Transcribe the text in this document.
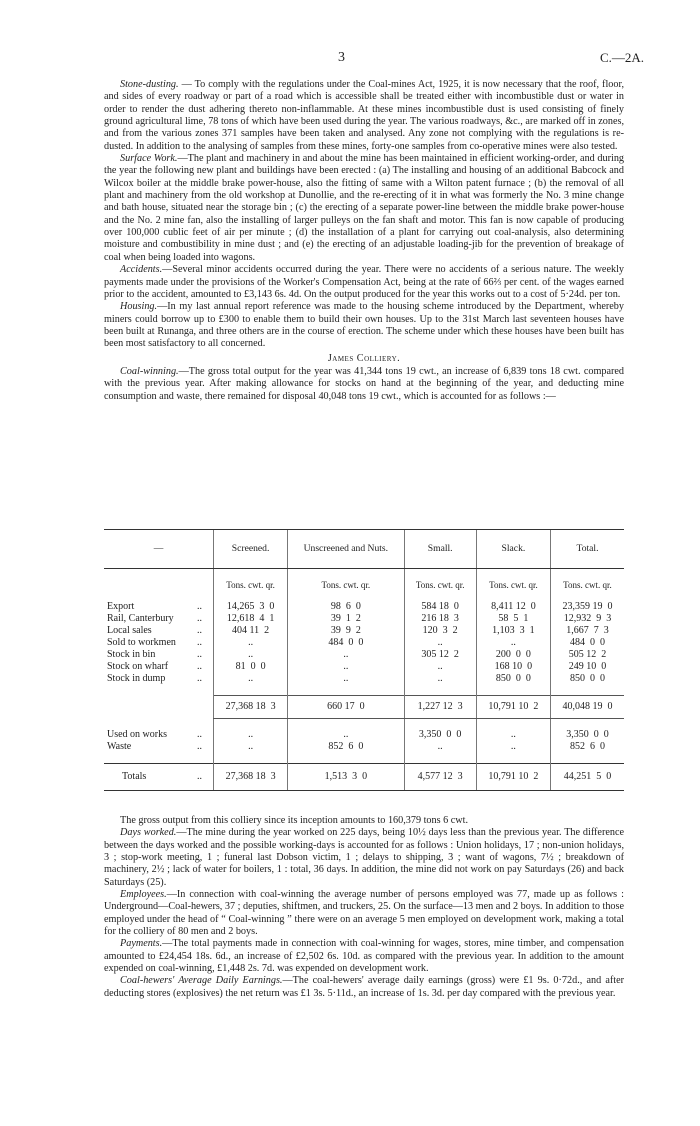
3	C.—2A.

Stone-dusting. — To comply with the regulations under the Coal-mines Act, 1925, it is now necessary that the roof, floor, and sides of every roadway or part of a road which is accessible shall be treated either with incombustible dust or water in order to render the dust adhering thereto non-inflammable. At these mines incombustible dust is used consisting of finely ground agricultural lime, 78 tons of which have been used during the year. The various roadways, &c., are marked off in zones, and from the various zones 371 samples have been taken and analysed. Any zone not complying with the regulations is re-dusted. In addition to the analysing of samples from these mines, forty-one samples from co-operative mines were also tested.

Surface Work.—The plant and machinery in and about the mine has been maintained in efficient working-order, and during the year the following new plant and buildings have been erected : (a) The installing and housing of an additional Babcock and Wilcox boiler at the middle brake power-house, also the fitting of same with a Wilton patent furnace ; (b) the removal of all plant and machinery from the old workshop at Dunollie, and the re-erecting of it in what was formerly the No. 3 mine change and bath house, situated near the storage bin ; (c) the erecting of a separate power-line between the middle brake power-house and the No. 2 mine fan, also the installing of larger pulleys on the fan shaft and motor. This fan is now capable of producing over 100,000 cublic feet of air per minute ; (d) the installation of a plant for carrying out coal-analysis, also determining moisture and combustibility in mine dust ; and (e) the erecting of an adjustable loading-jib for the prevention of breakage of coal when being loaded into wagons.

Accidents.—Several minor accidents occurred during the year. There were no accidents of a serious nature. The weekly payments made under the provisions of the Worker's Compensation Act, being at the rate of 66⅔ per cent. of the wages earned prior to the accident, amounted to £3,143 6s. 4d. On the output produced for the year this works out to a cost of 5·24d. per ton.

Housing.—In my last annual report reference was made to the housing scheme introduced by the Department, whereby miners could borrow up to £300 to enable them to build their own houses. Up to the 31st March last seventeen houses have been built at Runanga, and three others are in the course of erection. The scheme under which these houses have been built has been most satisfactory to all concerned.

James Colliery.

Coal-winning.—The gross total output for the year was 41,344 tons 19 cwt., an increase of 6,839 tons 18 cwt. compared with the previous year. After making allowance for stocks on hand at the beginning of the year, and deducting mine consumption and waste, there remained for disposal 40,048 tons 19 cwt., which is accounted for as follows :—

—	Screened.	Unscreened and Nuts.	Small.	Slack.	Total.
	Tons. cwt. qr.	Tons. cwt. qr.	Tons. cwt. qr.	Tons. cwt. qr.	Tons. cwt. qr.

Export ..	14,265  3  0	98  6  0	584 18  0	8,411 12  0	23,359 19  0
Rail, Canterbury ..	12,618  4  1	39  1  2	216 18  3	58  5  1	12,932  9  3
Local sales ..	404 11  2	39  9  2	120  3  2	1,103  3  1	1,667  7  3
Sold to workmen ..	..	484  0  0	..	..	484  0  0
Stock in bin ..	..	..	305 12  2	200  0  0	505 12  2
Stock on wharf ..	81  0  0	..	..	168 10  0	249 10  0
Stock in dump ..	..	..	..	850  0  0	850  0  0

	27,368 18  3	660 17  0	1,227 12  3	10,791 10  2	40,048 19  0

Used on works ..	..	..	3,350  0  0	..	3,350  0  0
Waste ..	..	852  6  0	..	..	852  6  0

Totals ..	27,368 18  3	1,513  3  0	4,577 12  3	10,791 10  2	44,251  5  0

The gross output from this colliery since its inception amounts to 160,379 tons 6 cwt.

Days worked.—The mine during the year worked on 225 days, being 10½ days less than the previous year. The difference between the days worked and the possible working-days is accounted for as follows : Union holidays, 17 ; non-union holidays, 3 ; stop-work meeting, 1 ; funeral last Dobson victim, 1 ; delays to shipping, 3 ; want of wagons, 7½ ; breakdown of machinery, 2½ ; lack of water for boilers, 1 : total, 36 days. In addition, the mine did not work on pay Saturdays (26) and back Saturdays (25).

Employees.—In connection with coal-winning the average number of persons employed was 77, made up as follows : Underground—Coal-hewers, 37 ; deputies, shiftmen, and truckers, 25. On the surface—13 men and 2 boys. In addition to those employed under the head of “ Coal-winning ” there were on an average 5 men employed on development work, making a total for the colliery of 80 men and 2 boys.

Payments.—The total payments made in connection with coal-winning for wages, stores, mine timber, and compensation amounted to £24,454 18s. 6d., an increase of £2,502 6s. 10d. as compared with the previous year. In addition to the amount expended on coal-winning, £1,448 2s. 7d. was expended on development work.

Coal-hewers' Average Daily Earnings.—The coal-hewers' average daily earnings (gross) were £1 9s. 0·72d., and after deducting stores (explosives) the net return was £1 3s. 5·11d., an increase of 1s. 3d. per day compared with the previous year.
